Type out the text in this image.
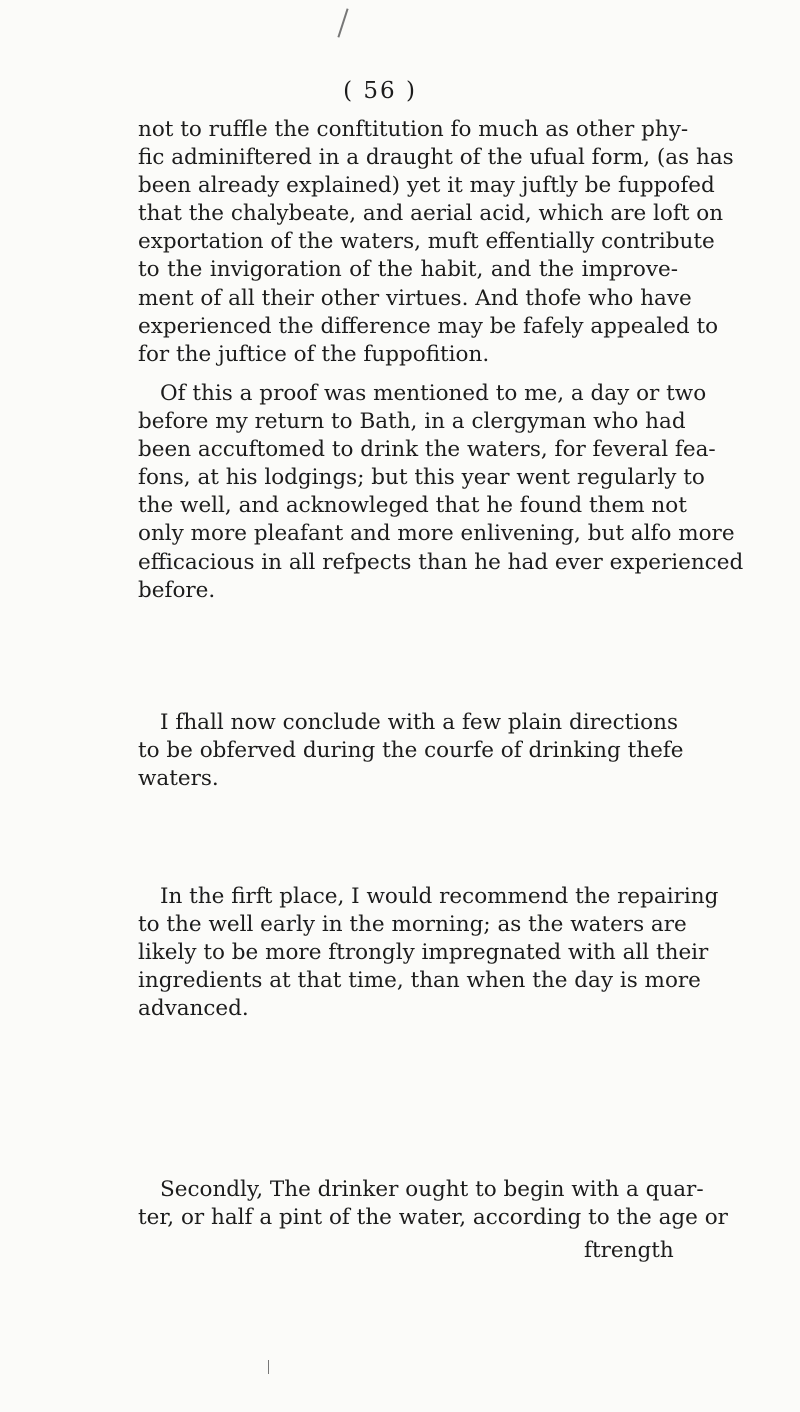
( 56 )
not to ruffle the conftitution fo much as other phy-
fic adminiftered in a draught of the ufual form, (as has
been already explained) yet it may juftly be fuppofed
that the chalybeate, and aerial acid, which are loft on
exportation of the waters, muft effentially contribute
to the invigoration of the habit, and the improve-
ment of all their other virtues. And thofe who have
experienced the difference may be fafely appealed to
for the juftice of the fuppofition.
Of this a proof was mentioned to me, a day or two
before my return to Bath, in a clergyman who had
been accuftomed to drink the waters, for feveral fea-
fons, at his lodgings; but this year went regularly to
the well, and acknowleged that he found them not
only more pleafant and more enlivening, but alfo more
efficacious in all refpects than he had ever experienced
before.
I fhall now conclude with a few plain directions
to be obferved during the courfe of drinking thefe
waters.
In the firft place, I would recommend the repairing
to the well early in the morning; as the waters are
likely to be more ftrongly impregnated with all their
ingredients at that time, than when the day is more
advanced.
Secondly, The drinker ought to begin with a quar-
ter, or half a pint of the water, according to the age or
ftrength
